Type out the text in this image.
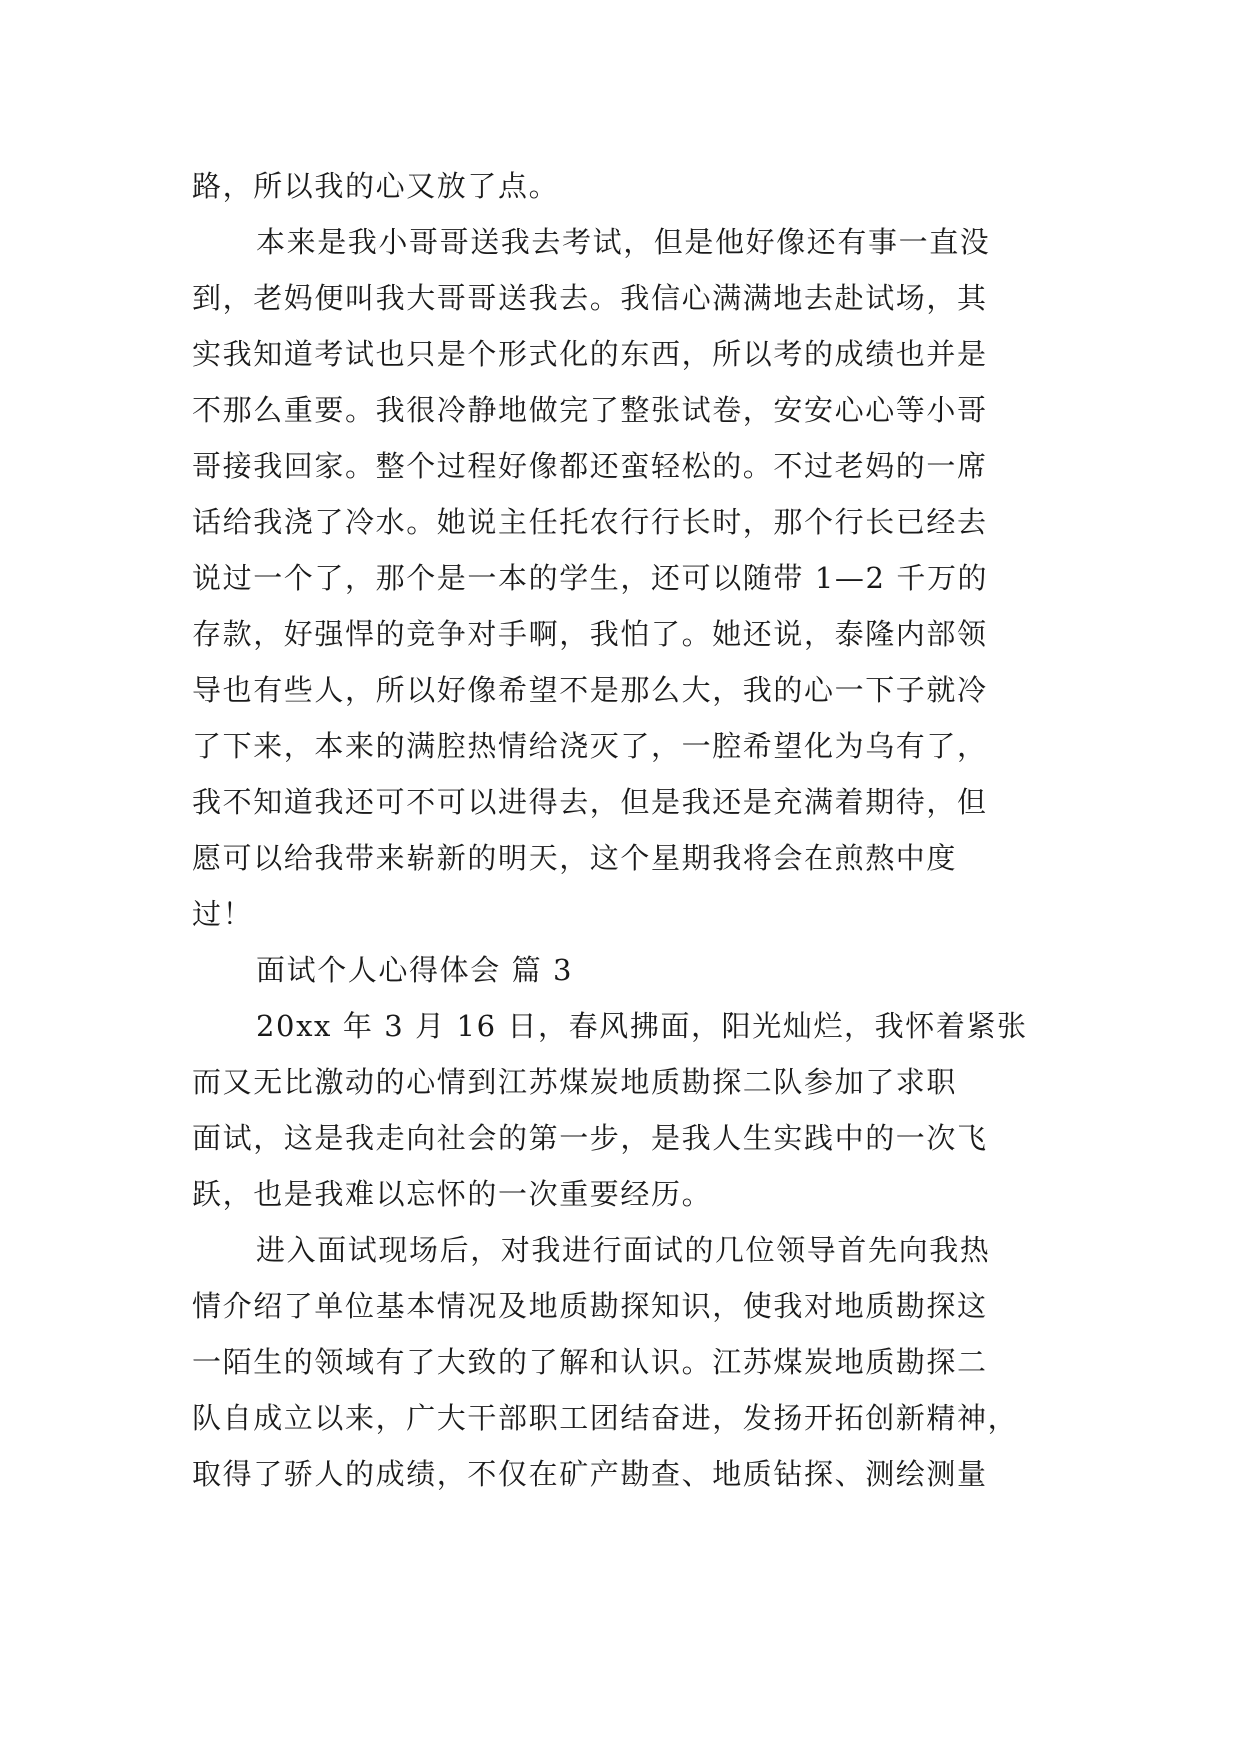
路，所以我的心又放了点。
本来是我小哥哥送我去考试，但是他好像还有事一直没
到，老妈便叫我大哥哥送我去。我信心满满地去赴试场，其
实我知道考试也只是个形式化的东西，所以考的成绩也并是
不那么重要。我很冷静地做完了整张试卷，安安心心等小哥
哥接我回家。整个过程好像都还蛮轻松的。不过老妈的一席
话给我浇了冷水。她说主任托农行行长时，那个行长已经去
说过一个了，那个是一本的学生，还可以随带 1—2 千万的
存款，好强悍的竞争对手啊，我怕了。她还说，泰隆内部领
导也有些人，所以好像希望不是那么大，我的心一下子就冷
了下来，本来的满腔热情给浇灭了，一腔希望化为乌有了，
我不知道我还可不可以进得去，但是我还是充满着期待，但
愿可以给我带来崭新的明天，这个星期我将会在煎熬中度
过！
面试个人心得体会 篇 3
20xx 年 3 月 16 日，春风拂面，阳光灿烂，我怀着紧张
而又无比激动的心情到江苏煤炭地质勘探二队参加了求职
面试，这是我走向社会的第一步，是我人生实践中的一次飞
跃，也是我难以忘怀的一次重要经历。
进入面试现场后，对我进行面试的几位领导首先向我热
情介绍了单位基本情况及地质勘探知识，使我对地质勘探这
一陌生的领域有了大致的了解和认识。江苏煤炭地质勘探二
队自成立以来，广大干部职工团结奋进，发扬开拓创新精神，
取得了骄人的成绩，不仅在矿产勘查、地质钻探、测绘测量
